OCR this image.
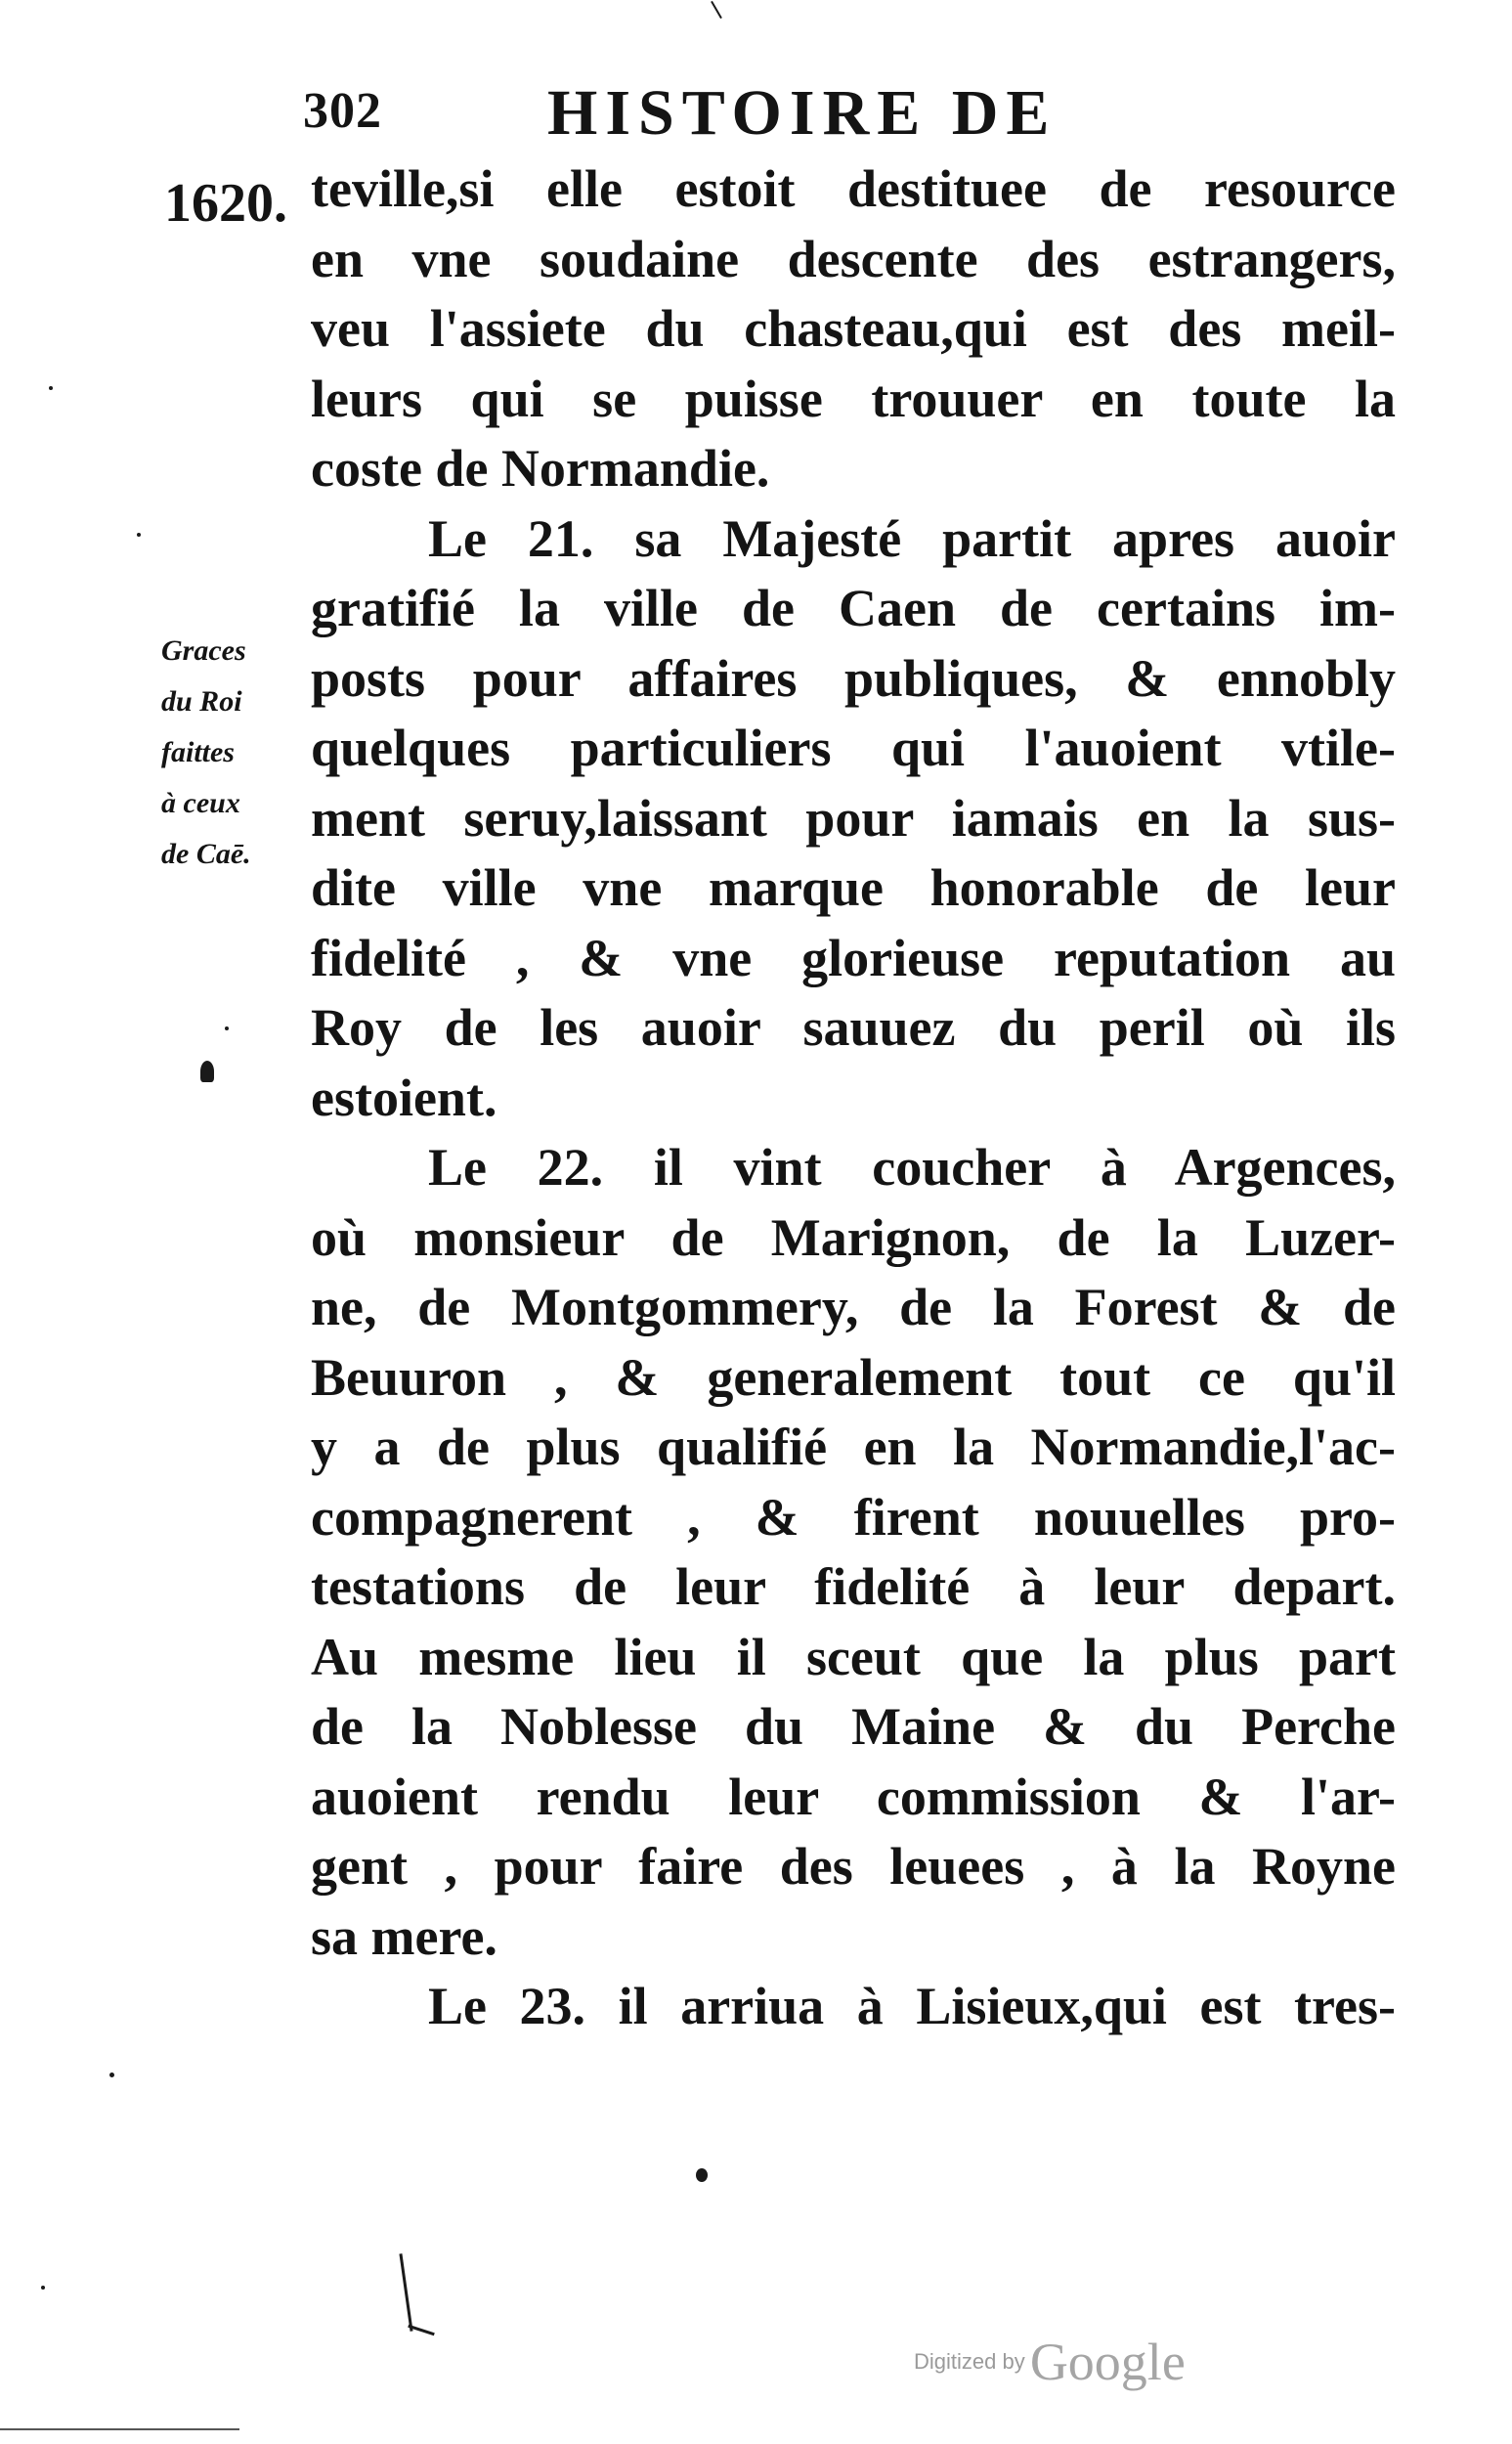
302	HISTOIRE DE
1620.
Graces
du Roi
faittes
à ceux
de Caē.
teville,si elle estoit destituee de resource
en vne soudaine descente des estrangers,
veu l'assiete du chasteau,qui est des meil-
leurs qui se puisse trouuer en toute la
coste de Normandie.
Le 21. sa Majesté partit apres auoir
gratifié la ville de Caen de certains im-
posts pour affaires publiques, & ennobly
quelques particuliers qui l'auoient vtile-
ment seruy,laissant pour iamais en la sus-
dite ville vne marque honorable de leur
fidelité , & vne glorieuse reputation au
Roy de les auoir sauuez du peril où ils
estoient.
Le 22. il vint coucher à Argences,
où monsieur de Marignon, de la Luzer-
ne, de Montgommery, de la Forest & de
Beuuron , & generalement tout ce qu'il
y a de plus qualifié en la Normandie,l'ac-
compagnerent , & firent nouuelles pro-
testations de leur fidelité à leur depart.
Au mesme lieu il sceut que la plus part
de la Noblesse du Maine & du Perche
auoient rendu leur commission & l'ar-
gent , pour faire des leuees , à la Royne
sa mere.
Le 23. il arriua à Lisieux,qui est tres-
Digitized by Google
